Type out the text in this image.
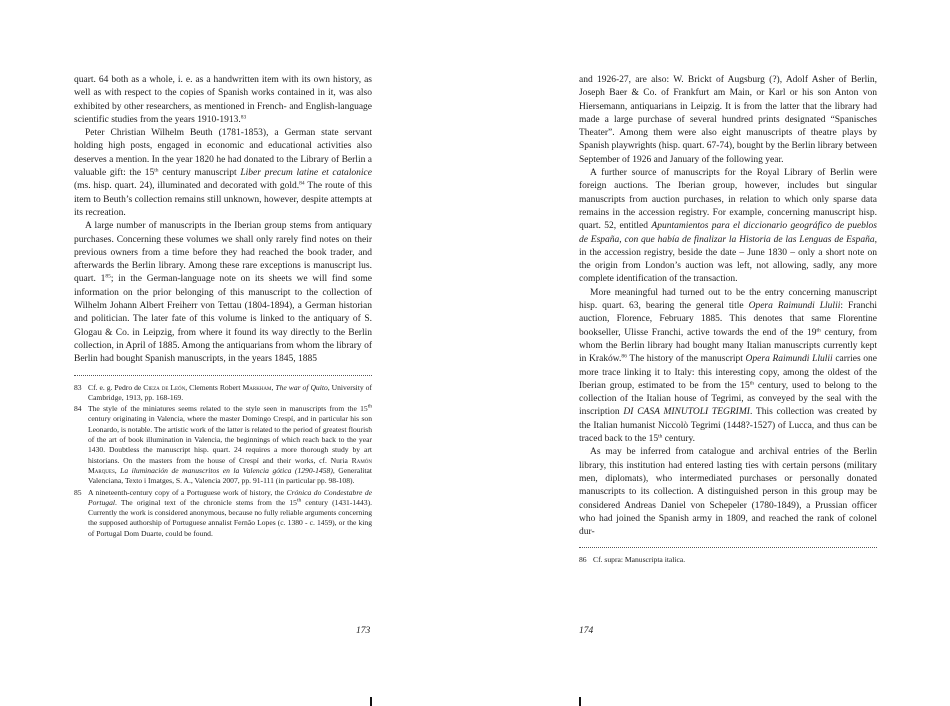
quart. 64 both as a whole, i. e. as a handwritten item with its own history, as well as with respect to the copies of Spanish works contained in it, was also exhibited by other researchers, as mentioned in French- and English-language scientific studies from the years 1910-1913.83

Peter Christian Wilhelm Beuth (1781-1853), a German state servant holding high posts, engaged in economic and educational activities also deserves a mention. In the year 1820 he had donated to the Library of Berlin a valuable gift: the 15th century manuscript Liber precum latine et catalonice (ms. hisp. quart. 24), illuminated and decorated with gold.$^{84}$ The route of this item to Beuth’s collection remains still unknown, however, despite attempts at its recreation.

A large number of manuscripts in the Iberian group stems from antiquary purchases. Concerning these volumes we shall only rarely find notes on their previous owners from a time before they had reached the book trader, and afterwards the Berlin library. Among these rare exceptions is manuscript lus. quart. $1^{85}$; in the German-language note on its sheets we will find some information on the prior belonging of this manuscript to the collection of Wilhelm Johann Albert Freiherr von Tettau (1804-1894), a German historian and politician. The later fate of this volume is linked to the antiquary of S. Glogau & Co. in Leipzig, from where it found its way directly to the Berlin collection, in April of 1885. Among the antiquarians from whom the library of Berlin had bought Spanish manuscripts, in the years 1845, 1885

83 Cf. e. g. Pedro de Cieza de León, Clements Robert Markham, The war of Quito, University of Cambridge, 1913, pp. 168-169.
84 The style of the miniatures seems related to the style seen in manuscripts from the 15th century originating in Valencia, where the master Domingo Crespí, and in particular his son Leonardo, is notable. The artistic work of the latter is related to the period of greatest flourish of the art of book illumination in Valencia, the beginnings of which reach back to the year 1430. Doubtless the manuscript hisp. quart. 24 requires a more thorough study by art historians. On the masters from the house of Crespí and their works, cf. Nuria Ramón Marques, La iluminación de manuscritos en la Valencia gótica (1290-1458), Generalitat Valenciana, Texto i Imatges, S. A., Valencia 2007, pp. 91-111 (in particular pp. 98-108).
85 A nineteenth-century copy of a Portuguese work of history, the Crónica do Condestabre de Portugal. The original text of the chronicle stems from the 15th century (1431-1443). Currently the work is considered anonymous, because no fully reliable arguments concerning the supposed authorship of Portuguese annalist Fernão Lopes (c. 1380 - c. 1459), or the king of Portugal Dom Duarte, could be found.
173

and 1926-27, are also: W. Brickt of Augsburg (?), Adolf Asher of Berlin, Joseph Baer & Co. of Frankfurt am Main, or Karl or his son Anton von Hiersemann, antiquarians in Leipzig. It is from the latter that the library had made a large purchase of several hundred prints designated “Spanisches Theater”. Among them were also eight manuscripts of theatre plays by Spanish playwrights (hisp. quart. 67-74), bought by the Berlin library between September of 1926 and January of the following year.

A further source of manuscripts for the Royal Library of Berlin were foreign auctions. The Iberian group, however, includes but singular manuscripts from auction purchases, in relation to which only sparse data remains in the accession registry. For example, concerning manuscript hisp. quart. 52, entitled Apuntamientos para el diccionario geográfico de pueblos de España, con que había de finalizar la Historia de las Lenguas de España, in the accession registry, beside the date – June 1830 – only a short note on the origin from London’s auction was left, not allowing, sadly, any more complete identification of the transaction.

More meaningful had turned out to be the entry concerning manuscript hisp. quart. 63, bearing the general title Opera Raimundi Llulii: Franchi auction, Florence, February 1885. This denotes that same Florentine bookseller, Ulisse Franchi, active towards the end of the 19th century, from whom the Berlin library had bought many Italian manuscripts currently kept in Kraków.$^{86}$ The history of the manuscript Opera Raimundi Llulii carries one more trace linking it to Italy: this interesting copy, among the oldest of the Iberian group, estimated to be from the 15th century, used to belong to the collection of the Italian house of Tegrimi, as conveyed by the seal with the inscription DI CASA MINUTOLI TEGRIMI. This collection was created by the Italian humanist Niccolò Tegrimi (1448?-1527) of Lucca, and thus can be traced back to the 15th century.

As may be inferred from catalogue and archival entries of the Berlin library, this institution had entered lasting ties with certain persons (military men, diplomats), who intermediated purchases or personally donated manuscripts to its collection. A distinguished person in this group may be considered Andreas Daniel von Schepeler (1780-1849), a Prussian officer who had joined the Spanish army in 1809, and reached the rank of colonel dur-

86 Cf. supra: Manuscripta italica.
174
